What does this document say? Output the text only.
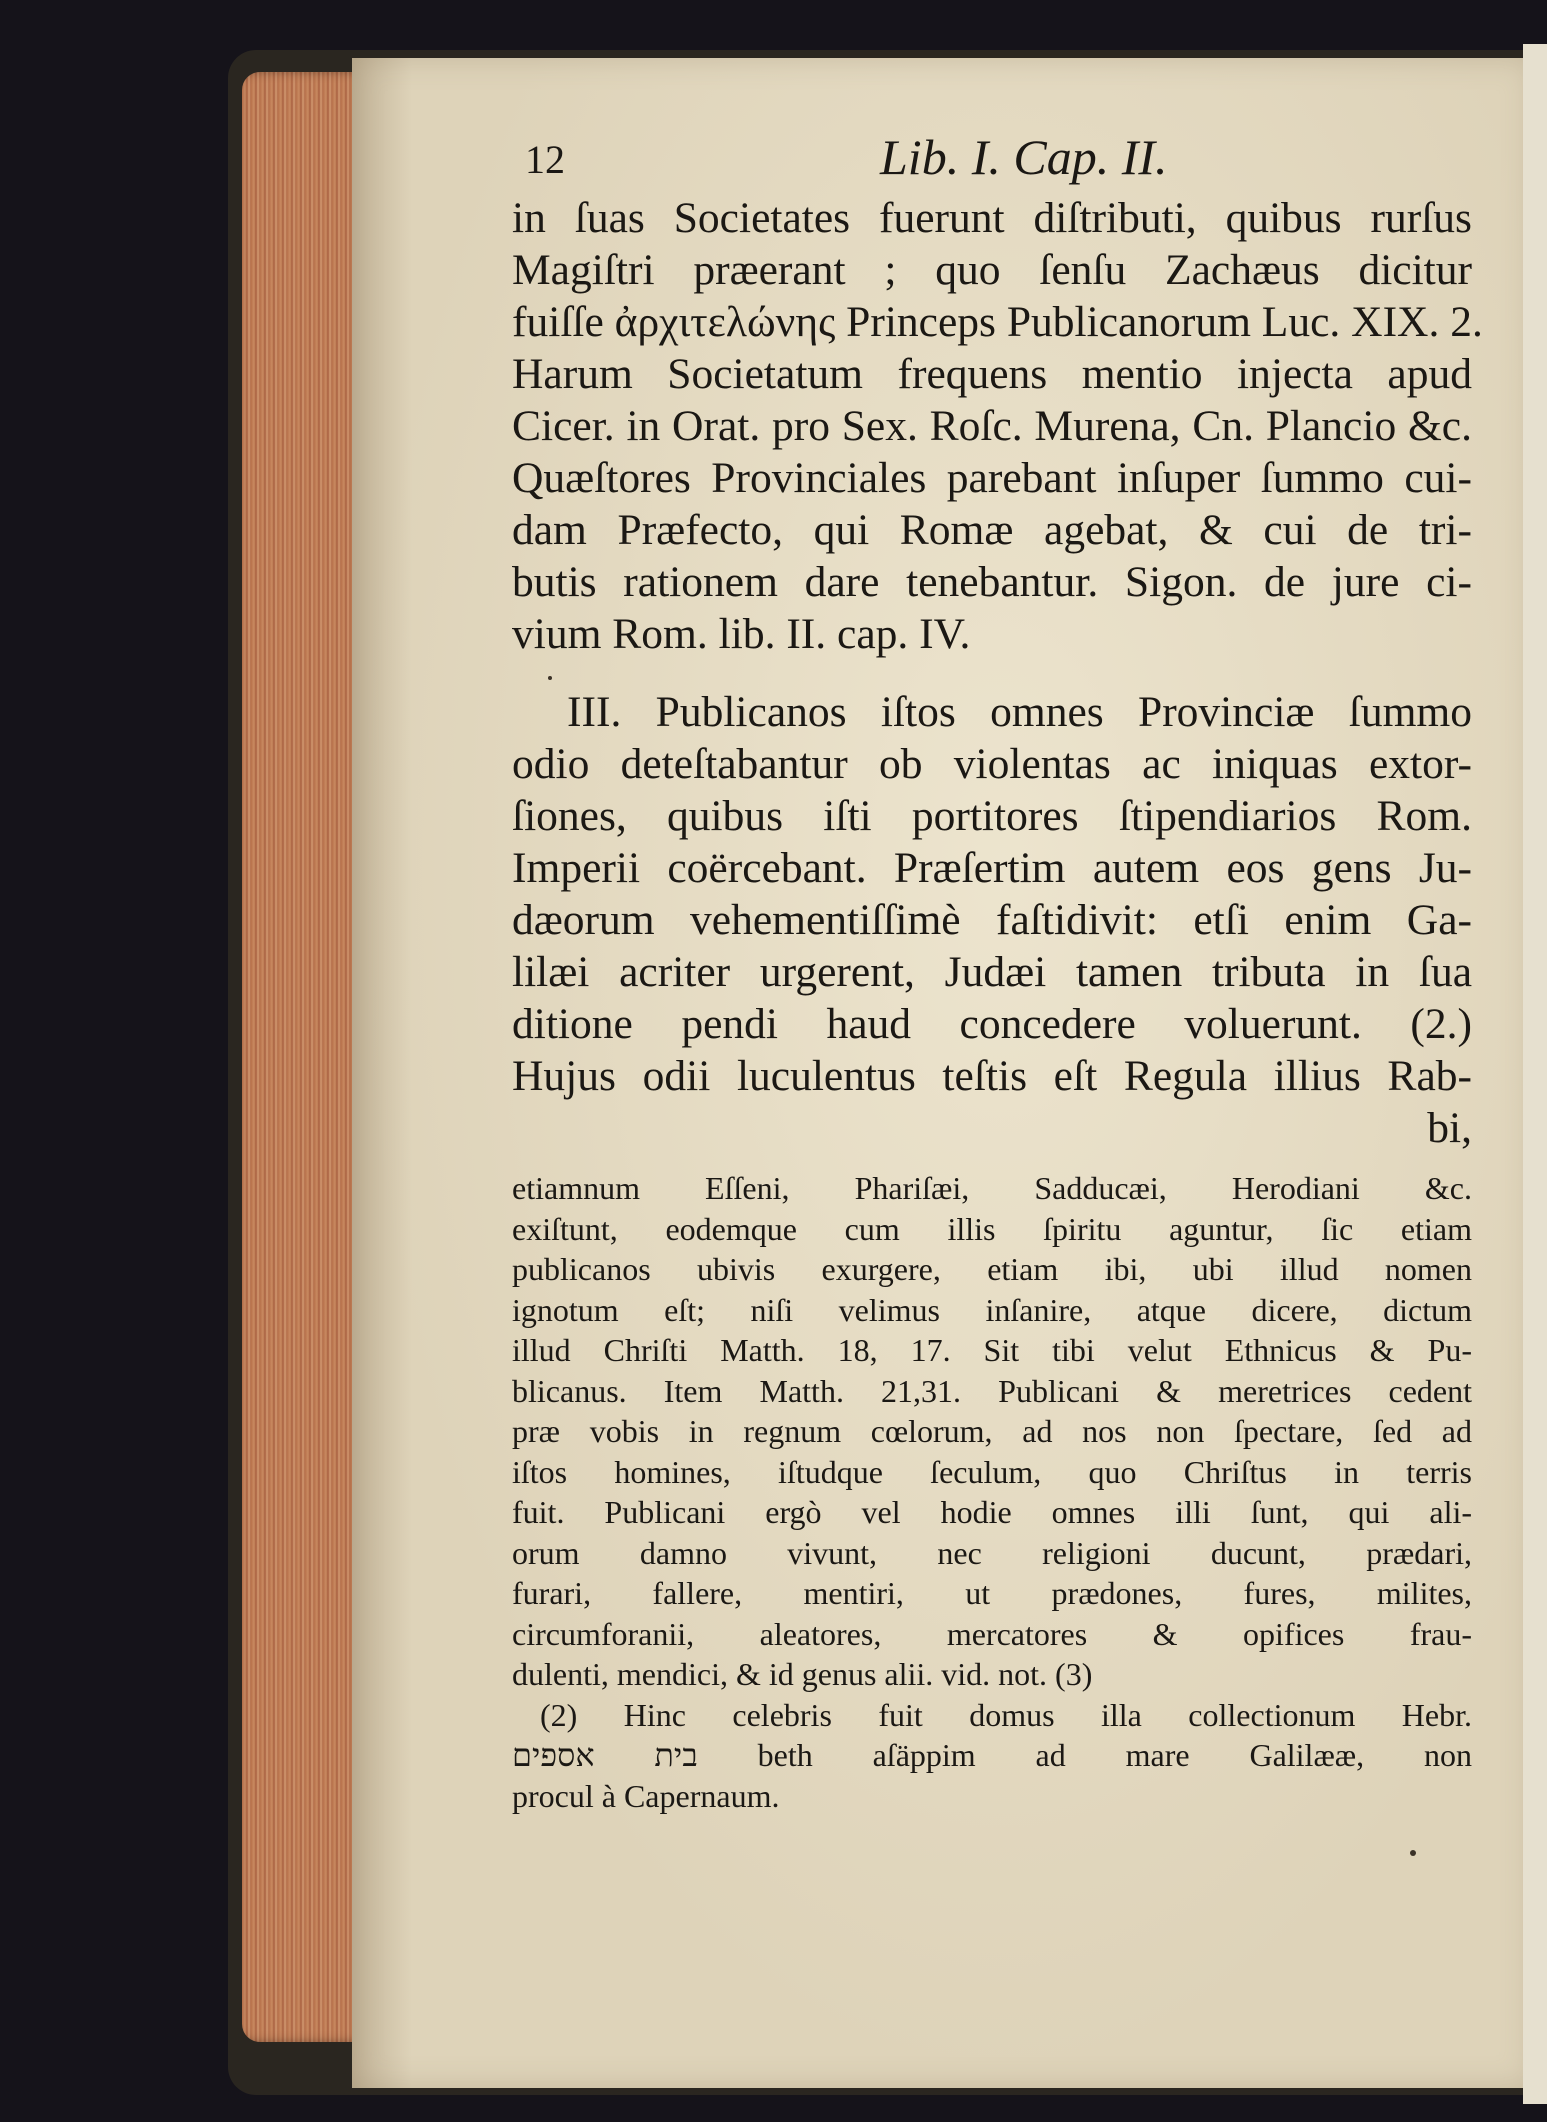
12	Lib. I. Cap. II.
in ſuas Societates fuerunt diſtributi, quibus rurſus
Magiſtri præerant ; quo ſenſu Zachæus dicitur
fuiſſe ἀρχιτελώνης Princeps Publicanorum Luc. XIX. 2.
Harum Societatum frequens mentio injecta apud
Cicer. in Orat. pro Sex. Roſc. Murena, Cn. Plancio &c.
Quæſtores Provinciales parebant inſuper ſummo cui-
dam Præfecto, qui Romæ agebat, & cui de tri-
butis rationem dare tenebantur. Sigon. de jure ci-
vium Rom. lib. II. cap. IV.
III. Publicanos iſtos omnes Provinciæ ſummo
odio deteſtabantur ob violentas ac iniquas extor-
ſiones, quibus iſti portitores ſtipendiarios Rom.
Imperii coërcebant. Præſertim autem eos gens Ju-
dæorum vehementiſſimè faſtidivit: etſi enim Ga-
lilæi acriter urgerent, Judæi tamen tributa in ſua
ditione pendi haud concedere voluerunt. (2.)
Hujus odii luculentus teſtis eſt Regula illius Rab-
bi,
etiamnum Eſſeni, Phariſæi, Sadducæi, Herodiani &c.
exiſtunt, eodemque cum illis ſpiritu aguntur, ſic etiam
publicanos ubivis exurgere, etiam ibi, ubi illud nomen
ignotum eſt; niſi velimus inſanire, atque dicere, dictum
illud Chriſti Matth. 18, 17. Sit tibi velut Ethnicus & Pu-
blicanus. Item Matth. 21,31. Publicani & meretrices cedent
præ vobis in regnum cœlorum, ad nos non ſpectare, ſed ad
iſtos homines, iſtudque ſeculum, quo Chriſtus in terris
fuit. Publicani ergò vel hodie omnes illi ſunt, qui ali-
orum damno vivunt, nec religioni ducunt, prædari,
furari, fallere, mentiri, ut prædones, fures, milites,
circumforanii, aleatores, mercatores & opifices frau-
dulenti, mendici, & id genus alii. vid. not. (3)
(2) Hinc celebris fuit domus illa collectionum Hebr.
בית אספים beth aſäppim ad mare Galilææ, non
procul à Capernaum.
